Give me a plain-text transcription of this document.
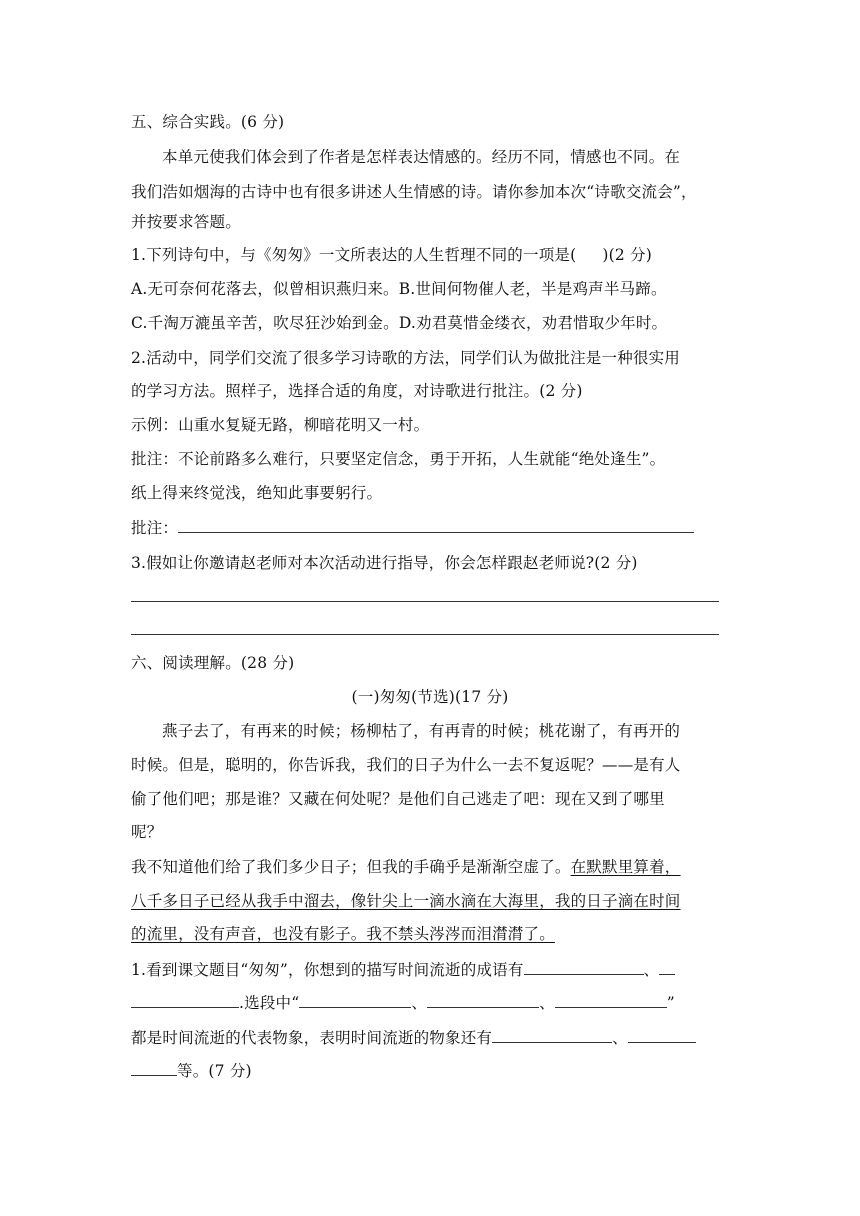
五、综合实践。(6 分)
本单元使我们体会到了作者是怎样表达情感的。经历不同，情感也不同。在
我们浩如烟海的古诗中也有很多讲述人生情感的诗。请你参加本次“诗歌交流会”，
并按要求答题。
1.下列诗句中，与《匆匆》一文所表达的人生哲理不同的一项是( )(2 分)
A.无可奈何花落去，似曾相识燕归来。B.世间何物催人老，半是鸡声半马蹄。
C.千淘万漉虽辛苦，吹尽狂沙始到金。D.劝君莫惜金缕衣，劝君惜取少年时。
2.活动中，同学们交流了很多学习诗歌的方法，同学们认为做批注是一种很实用
的学习方法。照样子，选择合适的角度，对诗歌进行批注。(2 分)
示例：山重水复疑无路，柳暗花明又一村。
批注：不论前路多么难行，只要坚定信念，勇于开拓，人生就能“绝处逢生”。
纸上得来终觉浅，绝知此事要躬行。
批注：
3.假如让你邀请赵老师对本次活动进行指导，你会怎样跟赵老师说?(2 分)
六、阅读理解。(28 分)
(一)匆匆(节选)(17 分)
燕子去了，有再来的时候；杨柳枯了，有再青的时候；桃花谢了，有再开的
时候。但是，聪明的，你告诉我，我们的日子为什么一去不复返呢？——是有人
偷了他们吧；那是谁？又藏在何处呢？是他们自己逃走了吧：现在又到了哪里
呢？
我不知道他们给了我们多少日子；但我的手确乎是渐渐空虚了。在默默里算着，
八千多日子已经从我手中溜去，像针尖上一滴水滴在大海里，我的日子滴在时间
的流里，没有声音，也没有影子。我不禁头涔涔而泪潸潸了。
1.看到课文题目“匆匆”，你想到的描写时间流逝的成语有	、
.选段中“	、	、	”
都是时间流逝的代表物象，表明时间流逝的物象还有	、
等。(7 分)
